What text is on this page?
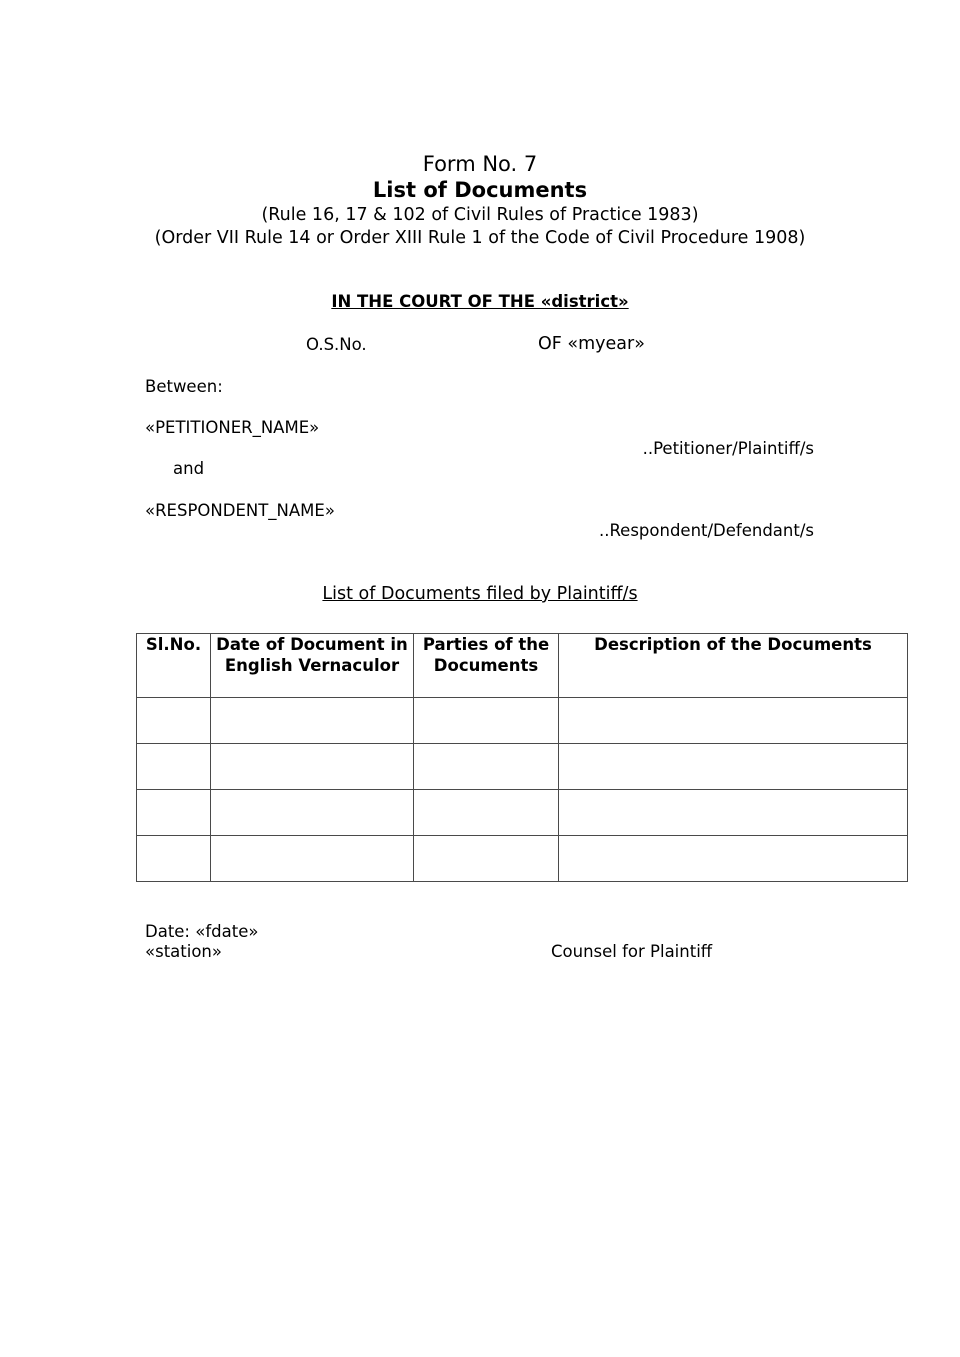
Form No. 7
List of Documents
(Rule 16, 17 & 102 of Civil Rules of Practice 1983)
(Order VII Rule 14 or Order XIII Rule 1 of the Code of Civil Procedure 1908)
IN THE COURT OF THE «district»
O.S.No.	OF «myear»
Between:
«PETITIONER_NAME»
..Petitioner/Plaintiff/s
and
«RESPONDENT_NAME»
..Respondent/Defendant/s
List of Documents filed by Plaintiff/s
Sl.No.	Date of Document in English Vernaculor	Parties of the Documents	Description of the Documents

Date: «fdate»
«station»	Counsel for Plaintiff
